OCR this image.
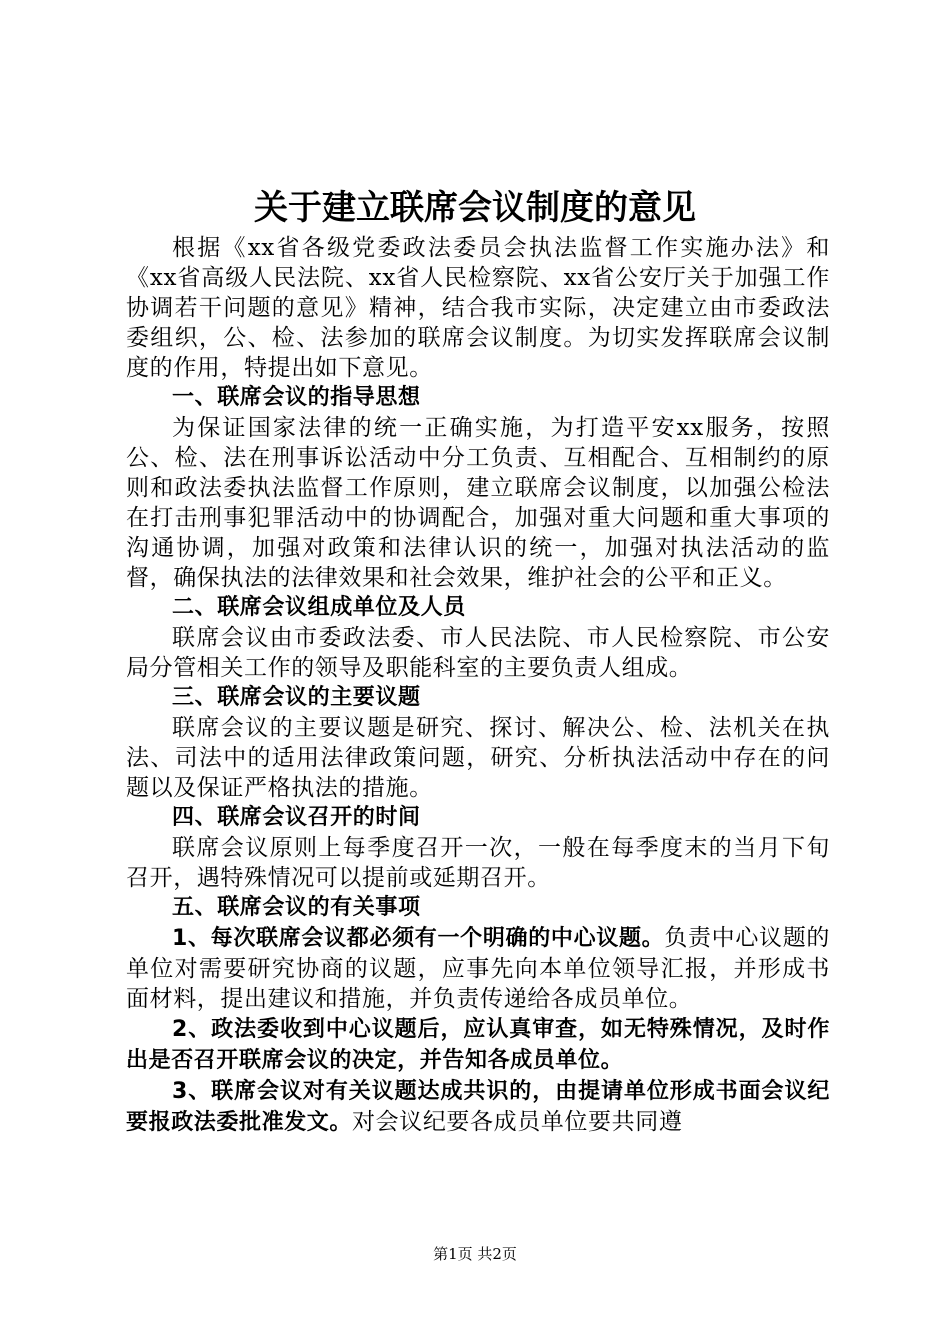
关于建立联席会议制度的意见

根据《xx省各级党委政法委员会执法监督工作实施办法》和《xx省高级人民法院、xx省人民检察院、xx省公安厅关于加强工作协调若干问题的意见》精神，结合我市实际，决定建立由市委政法委组织，公、检、法参加的联席会议制度。为切实发挥联席会议制度的作用，特提出如下意见。

一、联席会议的指导思想

为保证国家法律的统一正确实施，为打造平安xx服务，按照公、检、法在刑事诉讼活动中分工负责、互相配合、互相制约的原则和政法委执法监督工作原则，建立联席会议制度，以加强公检法在打击刑事犯罪活动中的协调配合，加强对重大问题和重大事项的沟通协调，加强对政策和法律认识的统一，加强对执法活动的监督，确保执法的法律效果和社会效果，维护社会的公平和正义。

二、联席会议组成单位及人员

联席会议由市委政法委、市人民法院、市人民检察院、市公安局分管相关工作的领导及职能科室的主要负责人组成。

三、联席会议的主要议题

联席会议的主要议题是研究、探讨、解决公、检、法机关在执法、司法中的适用法律政策问题，研究、分析执法活动中存在的问题以及保证严格执法的措施。

四、联席会议召开的时间

联席会议原则上每季度召开一次，一般在每季度末的当月下旬召开，遇特殊情况可以提前或延期召开。

五、联席会议的有关事项

1、每次联席会议都必须有一个明确的中心议题。负责中心议题的单位对需要研究协商的议题，应事先向本单位领导汇报，并形成书面材料，提出建议和措施，并负责传递给各成员单位。

2、政法委收到中心议题后，应认真审查，如无特殊情况，及时作出是否召开联席会议的决定，并告知各成员单位。

3、联席会议对有关议题达成共识的，由提请单位形成书面会议纪要报政法委批准发文。对会议纪要各成员单位要共同遵

第1页 共2页
